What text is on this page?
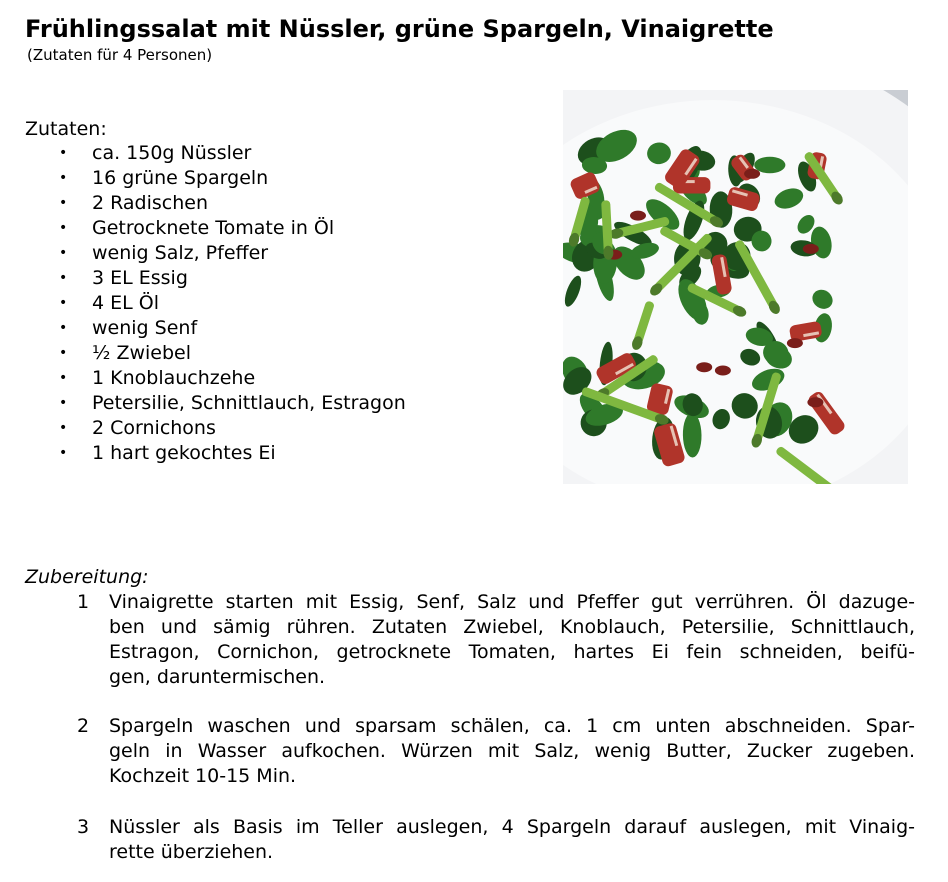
Frühlingssalat mit Nüssler, grüne Spargeln, Vinaigrette
(Zutaten für 4 Personen)
Zutaten:
• ca. 150g Nüssler
• 16 grüne Spargeln
• 2 Radischen
• Getrocknete Tomate in Öl
• wenig Salz, Pfeffer
• 3 EL Essig
• 4 EL Öl
• wenig Senf
• ½ Zwiebel
• 1 Knoblauchzehe
• Petersilie, Schnittlauch, Estragon
• 2 Cornichons
• 1 hart gekochtes Ei
Zubereitung:
1	Vinaigrette starten mit Essig, Senf, Salz und Pfeffer gut verrühren. Öl dazuge-
ben und sämig rühren. Zutaten Zwiebel, Knoblauch, Petersilie, Schnittlauch,
Estragon, Cornichon, getrocknete Tomaten, hartes Ei fein schneiden, beifü-
gen, daruntermischen.
2	Spargeln waschen und sparsam schälen, ca. 1 cm unten abschneiden. Spar-
geln in Wasser aufkochen. Würzen mit Salz, wenig Butter, Zucker zugeben.
Kochzeit 10-15 Min.
3	Nüssler als Basis im Teller auslegen, 4 Spargeln darauf auslegen, mit Vinaig-
rette überziehen.
